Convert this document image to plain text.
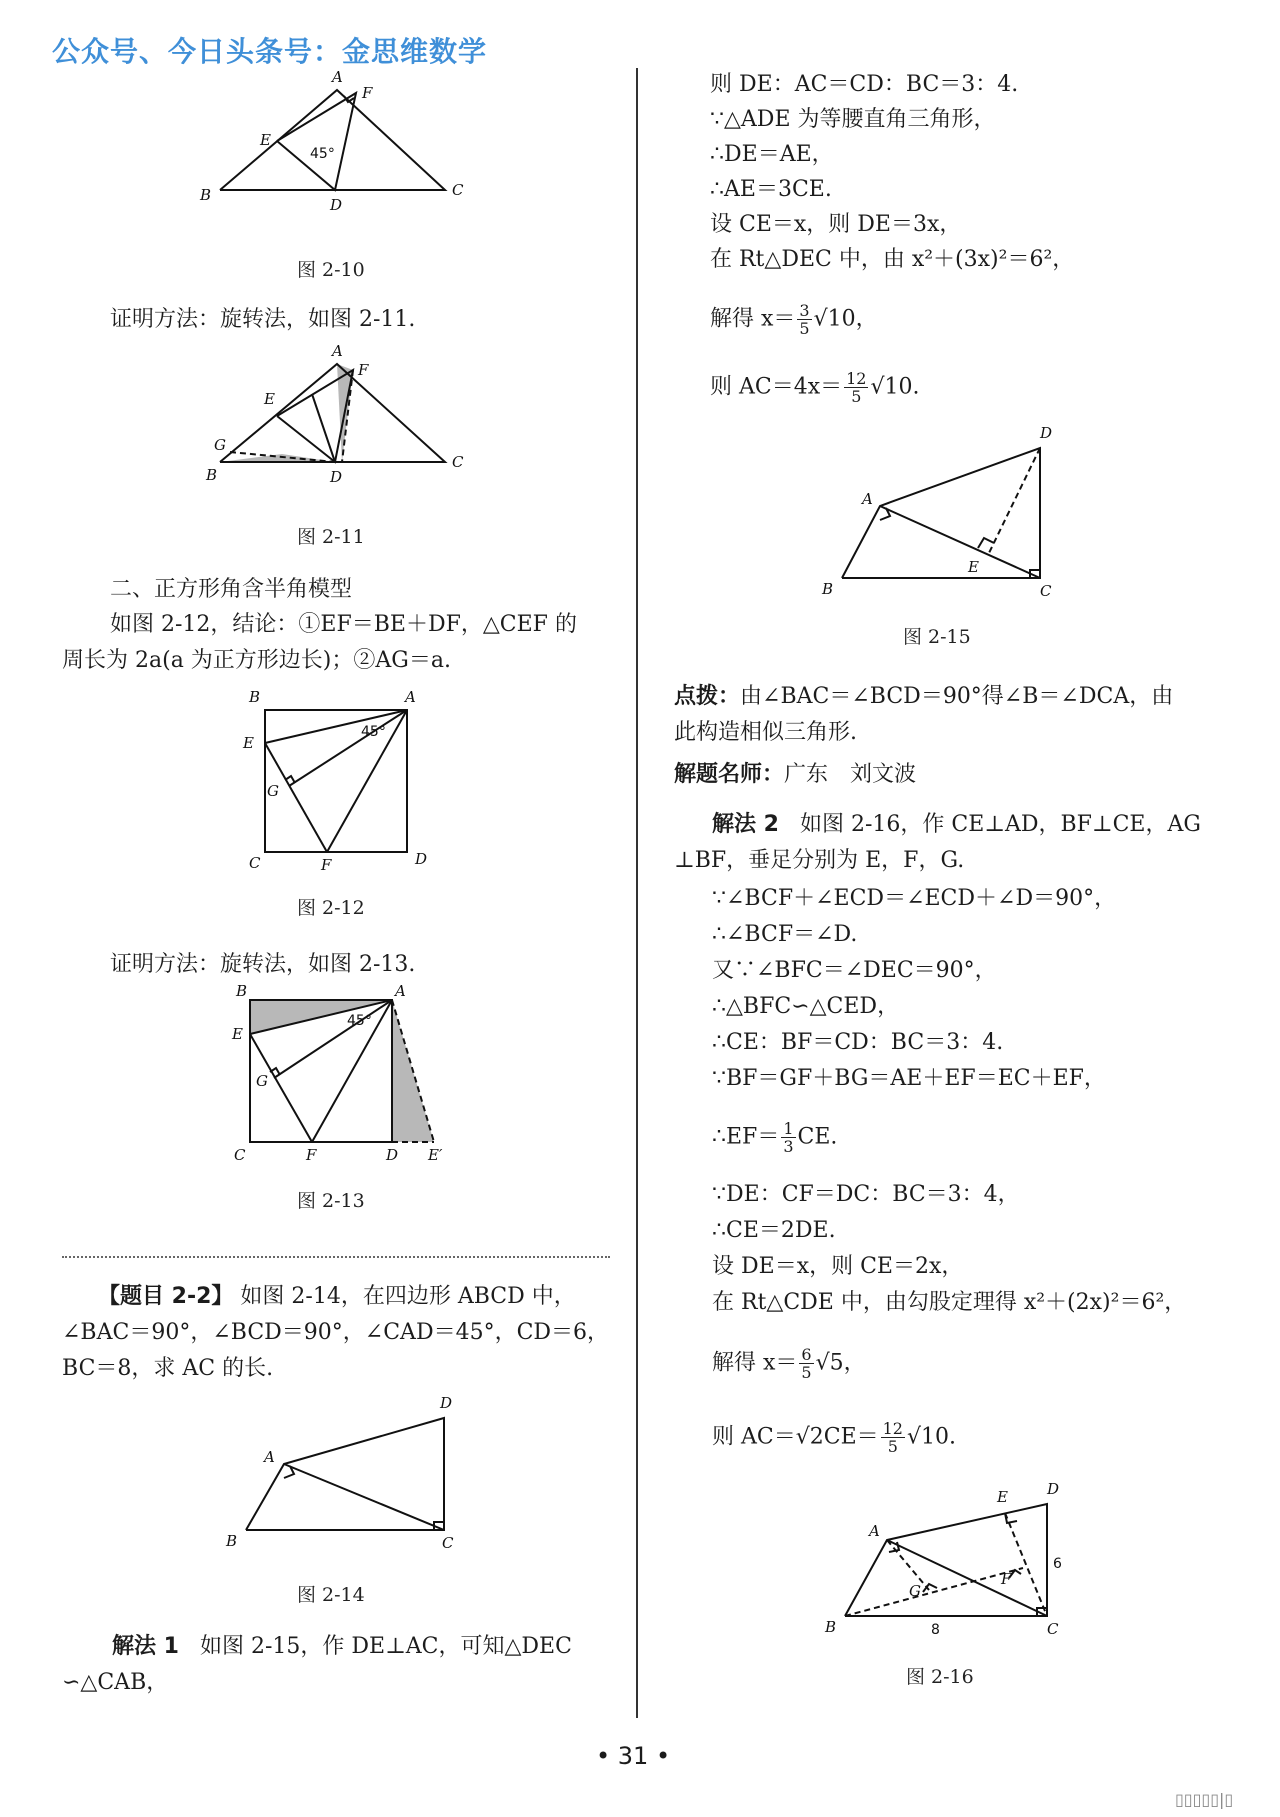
公众号、今日头条号：金思维数学
A
F
E
45°
B
D
C
图 2-10
证明方法：旋转法，如图 2-11.
A
F
E
G
B	D
C
图 2-11
二、正方形角含半角模型
如图 2-12，结论：①EF＝BE＋DF，△CEF 的
周长为 2a(a 为正方形边长)；②AG＝a.
B	A
E
45°
G
C	F	D
图 2-12
证明方法：旋转法，如图 2-13.
B	A
E
45°
G
C	F	D E′
图 2-13
【题目 2-2】 如图 2-14，在四边形 ABCD 中，
∠BAC＝90°，∠BCD＝90°，∠CAD＝45°，CD＝6，
BC＝8，求 AC 的长.
A
D
B	C
图 2-14
解法 1 如图 2-15，作 DE⊥AC，可知△DEC
∽△CAB，
则 DE：AC＝CD：BC＝3：4.
∵△ADE 为等腰直角三角形，
∴DE＝AE，
∴AE＝3CE.
设 CE＝x，则 DE＝3x，
在 Rt△DEC 中，由 x²＋(3x)²＝6²，
解得 $x= \frac{3}{5} √10$，
则 $AC=4x= \frac{12}{5} √10$.
A
D
E
B	C
图 2-15
点拨：由∠BAC＝∠BCD＝90°得∠B＝∠DCA，由
此构造相似三角形.
解题名师：广东　刘文波
解法 2 如图 2-16，作 CE⊥AD，BF⊥CE，AG
⊥BF，垂足分别为 E，F，G.
∵∠BCF＋∠ECD＝∠ECD＋∠D＝90°，
∴∠BCF＝∠D.
又∵∠BFC＝∠DEC＝90°，
∴△BFC∽△CED，
∴CE：BF＝CD：BC＝3：4.
∵BF＝GF＋BG＝AE＋EF＝EC＋EF，
∴EF＝ $\frac{1}{3}$ CE.
∵DE：CF＝DC：BC＝3：4，
∴CE＝2DE.
设 DE＝x，则 CE＝2x，
在 Rt△CDE 中，由勾股定理得 x²＋(2x)²＝6²，
解得 $x= \frac{6}{5} √5$，
则 $AC=√2CE= \frac{12}{5} √10$.
A
E	D
6
F
G
B	8	C
图 2-16
• 31 •
▯▯▯▯▯|▯
